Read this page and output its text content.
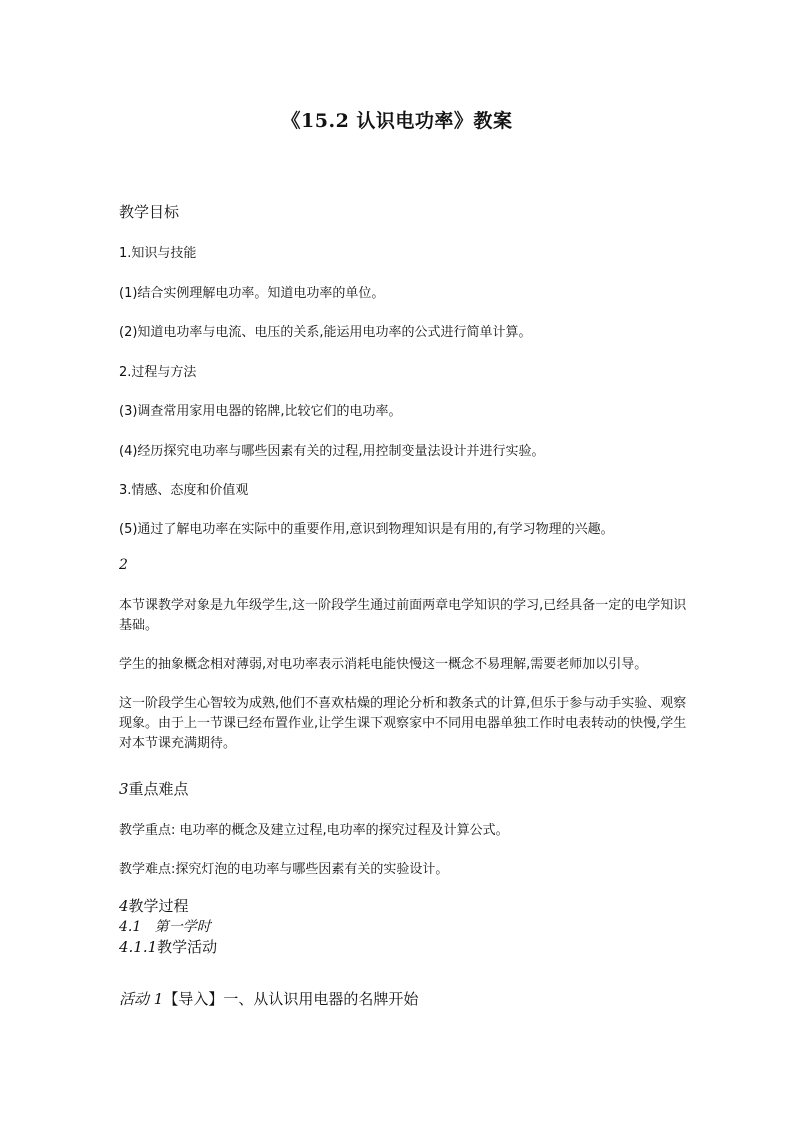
《15.2 认识电功率》教案
教学目标
1.知识与技能
(1)结合实例理解电功率。知道电功率的单位。
(2)知道电功率与电流、电压的关系,能运用电功率的公式进行简单计算。
2.过程与方法
(3)调查常用家用电器的铭牌,比较它们的电功率。
(4)经历探究电功率与哪些因素有关的过程,用控制变量法设计并进行实验。
3.情感、态度和价值观
(5)通过了解电功率在实际中的重要作用,意识到物理知识是有用的,有学习物理的兴趣。
2
本节课教学对象是九年级学生,这一阶段学生通过前面两章电学知识的学习,已经具备一定的电学知识基础。
学生的抽象概念相对薄弱,对电功率表示消耗电能快慢这一概念不易理解,需要老师加以引导。
这一阶段学生心智较为成熟,他们不喜欢枯燥的理论分析和教条式的计算,但乐于参与动手实验、观察现象。由于上一节课已经布置作业,让学生课下观察家中不同用电器单独工作时电表转动的快慢,学生对本节课充满期待。
3重点难点
教学重点: 电功率的概念及建立过程,电功率的探究过程及计算公式。
教学难点:探究灯泡的电功率与哪些因素有关的实验设计。
4教学过程
4.1 第一学时
4.1.1教学活动
活动 1【导入】一、从认识用电器的名牌开始
